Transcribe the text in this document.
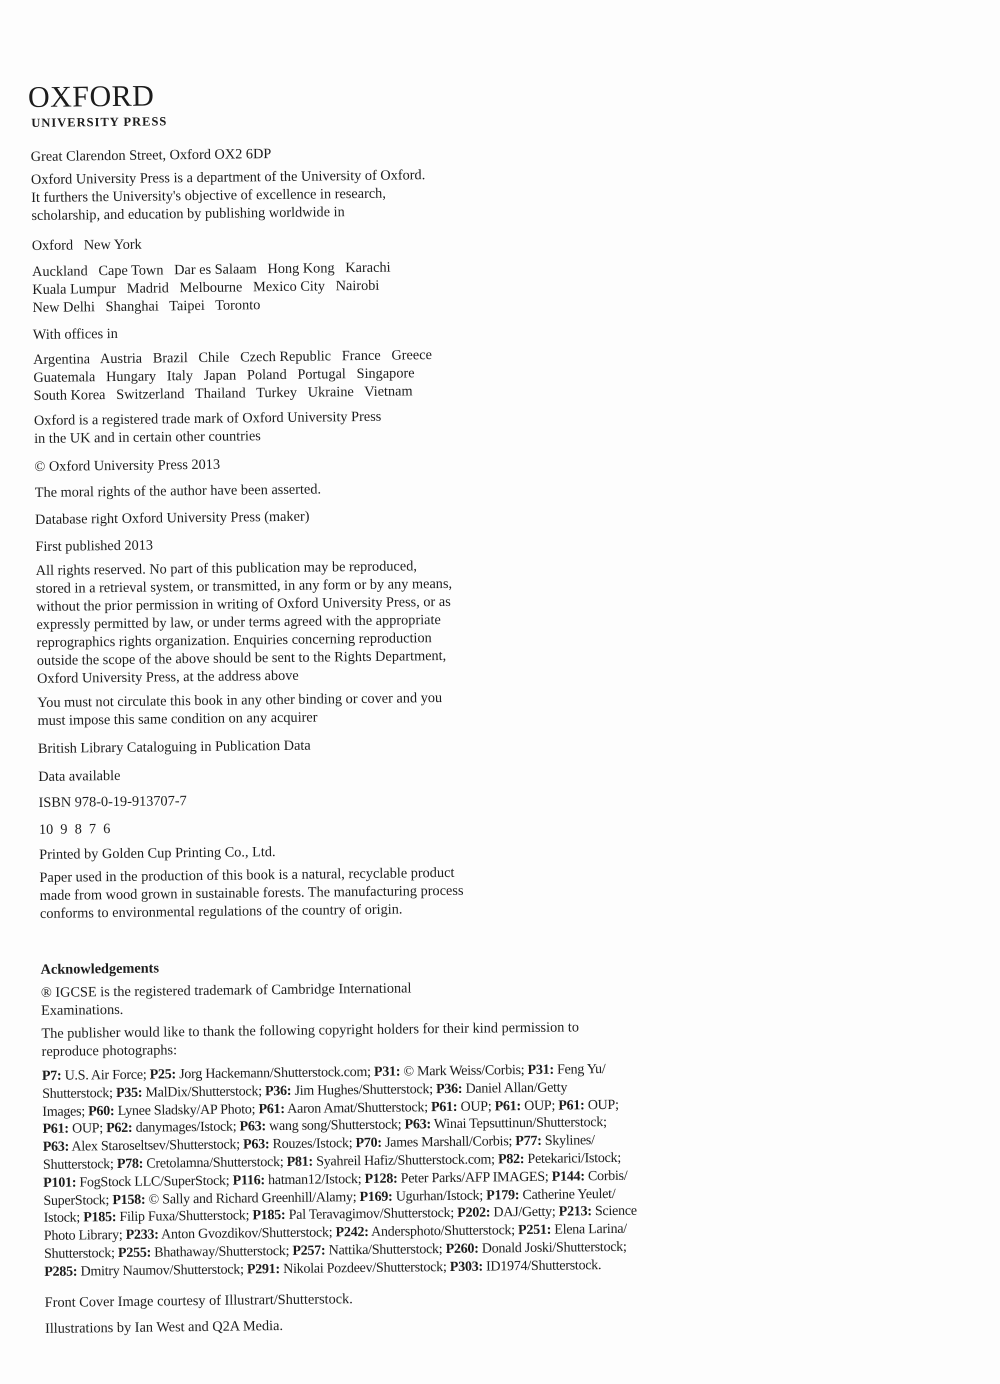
OXFORD
UNIVERSITY PRESS
Great Clarendon Street, Oxford OX2 6DP
Oxford University Press is a department of the University of Oxford.
It furthers the University's objective of excellence in research,
scholarship, and education by publishing worldwide in
Oxford   New York
Auckland   Cape Town   Dar es Salaam   Hong Kong   Karachi
Kuala Lumpur   Madrid   Melbourne   Mexico City   Nairobi
New Delhi   Shanghai   Taipei   Toronto
With offices in
Argentina   Austria   Brazil   Chile   Czech Republic   France   Greece
Guatemala   Hungary   Italy   Japan   Poland   Portugal   Singapore
South Korea   Switzerland   Thailand   Turkey   Ukraine   Vietnam
Oxford is a registered trade mark of Oxford University Press
in the UK and in certain other countries
© Oxford University Press 2013
The moral rights of the author have been asserted.
Database right Oxford University Press (maker)
First published 2013
All rights reserved. No part of this publication may be reproduced,
stored in a retrieval system, or transmitted, in any form or by any means,
without the prior permission in writing of Oxford University Press, or as
expressly permitted by law, or under terms agreed with the appropriate
reprographics rights organization. Enquiries concerning reproduction
outside the scope of the above should be sent to the Rights Department,
Oxford University Press, at the address above
You must not circulate this book in any other binding or cover and you
must impose this same condition on any acquirer
British Library Cataloguing in Publication Data
Data available
ISBN 978-0-19-913707-7
10  9  8  7  6
Printed by Golden Cup Printing Co., Ltd.
Paper used in the production of this book is a natural, recyclable product
made from wood grown in sustainable forests. The manufacturing process
conforms to environmental regulations of the country of origin.
Acknowledgements
® IGCSE is the registered trademark of Cambridge International
Examinations.
The publisher would like to thank the following copyright holders for their kind permission to
reproduce photographs:
P7: U.S. Air Force; P25: Jorg Hackemann/Shutterstock.com; P31: © Mark Weiss/Corbis; P31: Feng Yu/
Shutterstock; P35: MalDix/Shutterstock; P36: Jim Hughes/Shutterstock; P36: Daniel Allan/Getty
Images; P60: Lynee Sladsky/AP Photo; P61: Aaron Amat/Shutterstock; P61: OUP; P61: OUP; P61: OUP;
P61: OUP; P62: danymages/Istock; P63: wang song/Shutterstock; P63: Winai Tepsuttinun/Shutterstock;
P63: Alex Staroseltsev/Shutterstock; P63: Rouzes/Istock; P70: James Marshall/Corbis; P77: Skylines/
Shutterstock; P78: Cretolamna/Shutterstock; P81: Syahreil Hafiz/Shutterstock.com; P82: Petekarici/Istock;
P101: FogStock LLC/SuperStock; P116: hatman12/Istock; P128: Peter Parks/AFP IMAGES; P144: Corbis/
SuperStock; P158: © Sally and Richard Greenhill/Alamy; P169: Ugurhan/Istock; P179: Catherine Yeulet/
Istock; P185: Filip Fuxa/Shutterstock; P185: Pal Teravagimov/Shutterstock; P202: DAJ/Getty; P213: Science
Photo Library; P233: Anton Gvozdikov/Shutterstock; P242: Andersphoto/Shutterstock; P251: Elena Larina/
Shutterstock; P255: Bhathaway/Shutterstock; P257: Nattika/Shutterstock; P260: Donald Joski/Shutterstock;
P285: Dmitry Naumov/Shutterstock; P291: Nikolai Pozdeev/Shutterstock; P303: ID1974/Shutterstock.
Front Cover Image courtesy of Illustrart/Shutterstock.
Illustrations by Ian West and Q2A Media.
